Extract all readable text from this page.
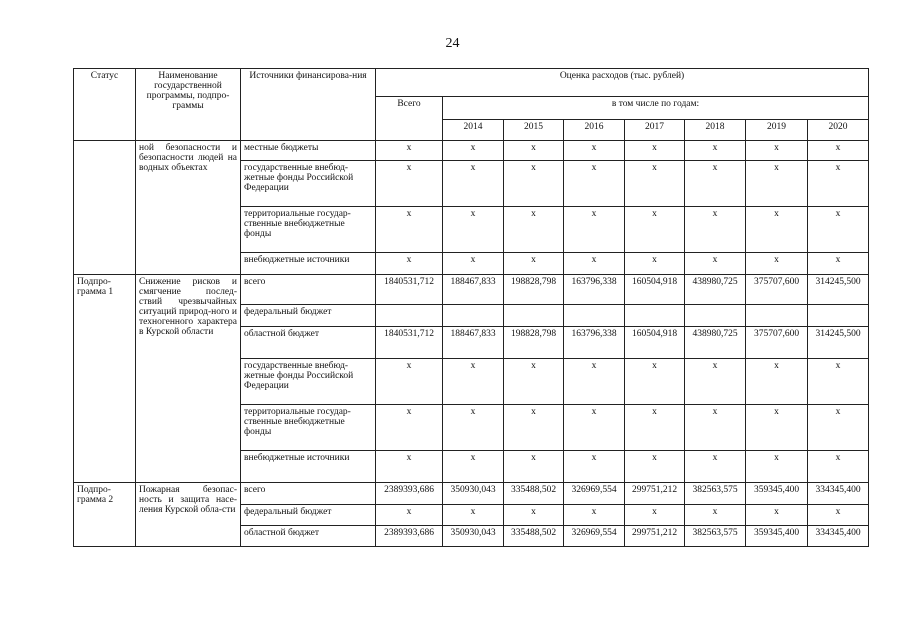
24
Статус	Наименование государственной программы, подпро-граммы	Источники финансирова-ния	Оценка расходов (тыс. рублей)							
			Всего	в том числе по годам:						
				2014	2015	2016	2017	2018	2019	2020
	ной безопасности и безопасности людей на водных объектах	местные бюджеты	x	x	x	x	x	x	x	x
		государственные внебюд-жетные фонды Российской Федерации	x	x	x	x	x	x	x	x
		территориальные государ-ственные внебюджетные фонды	x	x	x	x	x	x	x	x
		внебюджетные источники	x	x	x	x	x	x	x	x
Подпро-грамма 1	Снижение рисков и смягчение послед-ствий чрезвычайных ситуаций природ-ного и техногенного характера в Курской области	всего	1840531,712	188467,833	198828,798	163796,338	160504,918	438980,725	375707,600	314245,500
		федеральный бюджет								
		областной бюджет	1840531,712	188467,833	198828,798	163796,338	160504,918	438980,725	375707,600	314245,500
		государственные внебюд-жетные фонды Российской Федерации	x	x	x	x	x	x	x	x
		территориальные государ-ственные внебюджетные фонды	x	x	x	x	x	x	x	x
		внебюджетные источники	x	x	x	x	x	x	x	x
Подпро-грамма 2	Пожарная безопас-ность и защита насе-ления Курской обла-сти	всего	2389393,686	350930,043	335488,502	326969,554	299751,212	382563,575	359345,400	334345,400
		федеральный бюджет	x	x	x	x	x	x	x	x
		областной бюджет	2389393,686	350930,043	335488,502	326969,554	299751,212	382563,575	359345,400	334345,400
